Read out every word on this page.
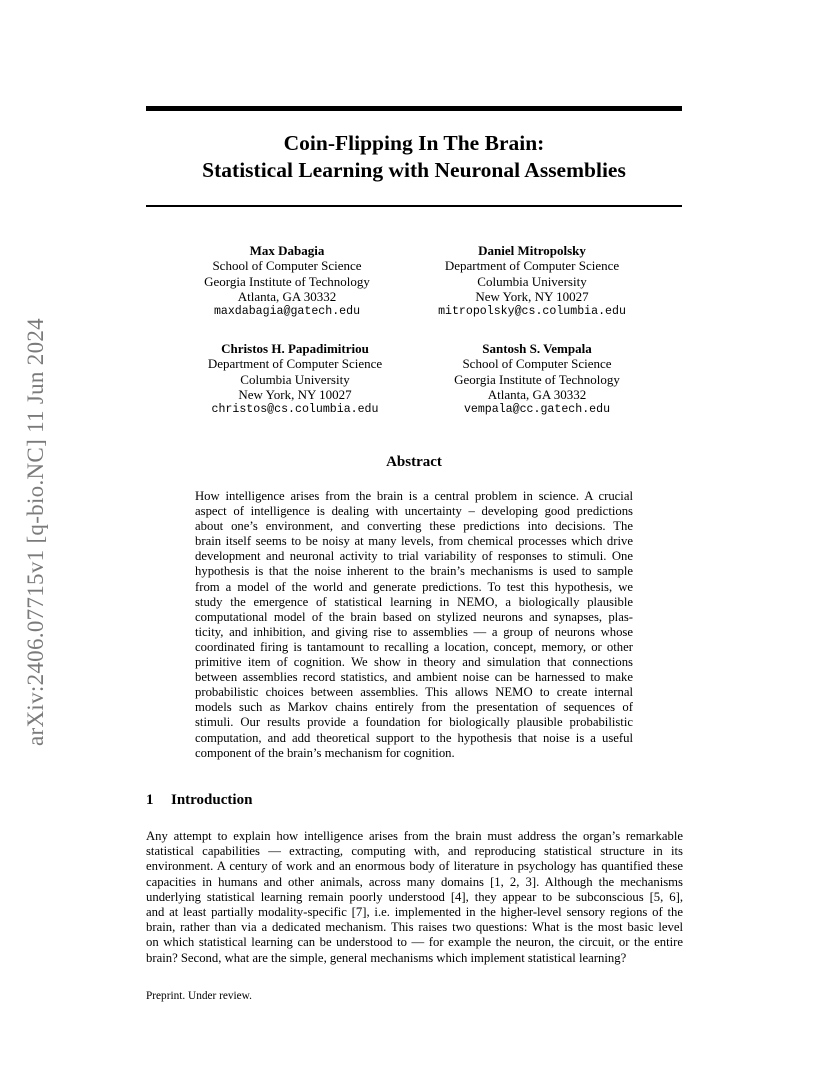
arXiv:2406.07715v1 [q-bio.NC] 11 Jun 2024
Coin-Flipping In The Brain:
Statistical Learning with Neuronal Assemblies
Max Dabagia
School of Computer Science
Georgia Institute of Technology
Atlanta, GA 30332
maxdabagia@gatech.edu
Daniel Mitropolsky
Department of Computer Science
Columbia University
New York, NY 10027
mitropolsky@cs.columbia.edu
Christos H. Papadimitriou
Department of Computer Science
Columbia University
New York, NY 10027
christos@cs.columbia.edu
Santosh S. Vempala
School of Computer Science
Georgia Institute of Technology
Atlanta, GA 30332
vempala@cc.gatech.edu
Abstract
How intelligence arises from the brain is a central problem in science. A crucial
aspect of intelligence is dealing with uncertainty – developing good predictions
about one’s environment, and converting these predictions into decisions. The
brain itself seems to be noisy at many levels, from chemical processes which drive
development and neuronal activity to trial variability of responses to stimuli. One
hypothesis is that the noise inherent to the brain’s mechanisms is used to sample
from a model of the world and generate predictions. To test this hypothesis, we
study the emergence of statistical learning in NEMO, a biologically plausible
computational model of the brain based on stylized neurons and synapses, plas-
ticity, and inhibition, and giving rise to assemblies — a group of neurons whose
coordinated firing is tantamount to recalling a location, concept, memory, or other
primitive item of cognition. We show in theory and simulation that connections
between assemblies record statistics, and ambient noise can be harnessed to make
probabilistic choices between assemblies. This allows NEMO to create internal
models such as Markov chains entirely from the presentation of sequences of
stimuli. Our results provide a foundation for biologically plausible probabilistic
computation, and add theoretical support to the hypothesis that noise is a useful
component of the brain’s mechanism for cognition.
1 Introduction
Any attempt to explain how intelligence arises from the brain must address the organ’s remarkable
statistical capabilities — extracting, computing with, and reproducing statistical structure in its
environment. A century of work and an enormous body of literature in psychology has quantified these
capacities in humans and other animals, across many domains [1, 2, 3]. Although the mechanisms
underlying statistical learning remain poorly understood [4], they appear to be subconscious [5, 6],
and at least partially modality-specific [7], i.e. implemented in the higher-level sensory regions of the
brain, rather than via a dedicated mechanism. This raises two questions: What is the most basic level
on which statistical learning can be understood to — for example the neuron, the circuit, or the entire
brain? Second, what are the simple, general mechanisms which implement statistical learning?
Preprint. Under review.
